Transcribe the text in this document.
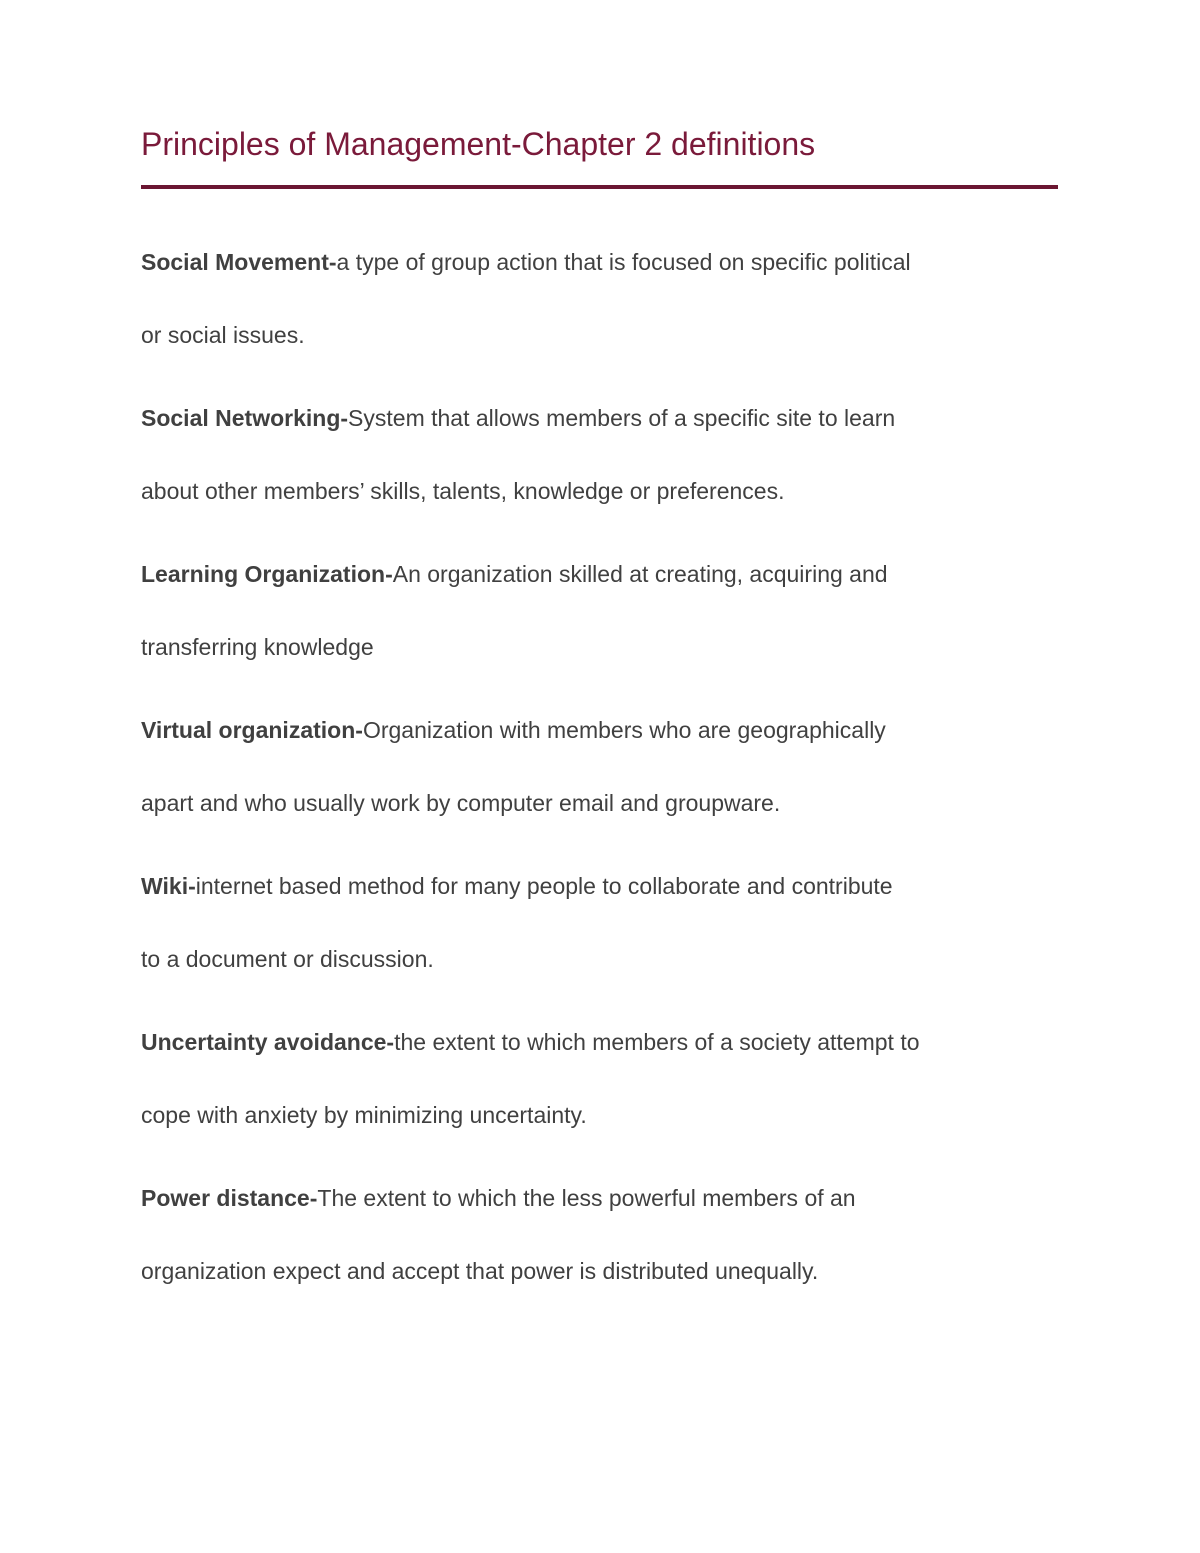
Principles of Management-Chapter 2 definitions

Social Movement-a type of group action that is focused on specific political
or social issues.

Social Networking-System that allows members of a specific site to learn
about other members’ skills, talents, knowledge or preferences.

Learning Organization-An organization skilled at creating, acquiring and
transferring knowledge

Virtual organization-Organization with members who are geographically
apart and who usually work by computer email and groupware.

Wiki-internet based method for many people to collaborate and contribute
to a document or discussion.

Uncertainty avoidance-the extent to which members of a society attempt to
cope with anxiety by minimizing uncertainty.

Power distance-The extent to which the less powerful members of an
organization expect and accept that power is distributed unequally.
